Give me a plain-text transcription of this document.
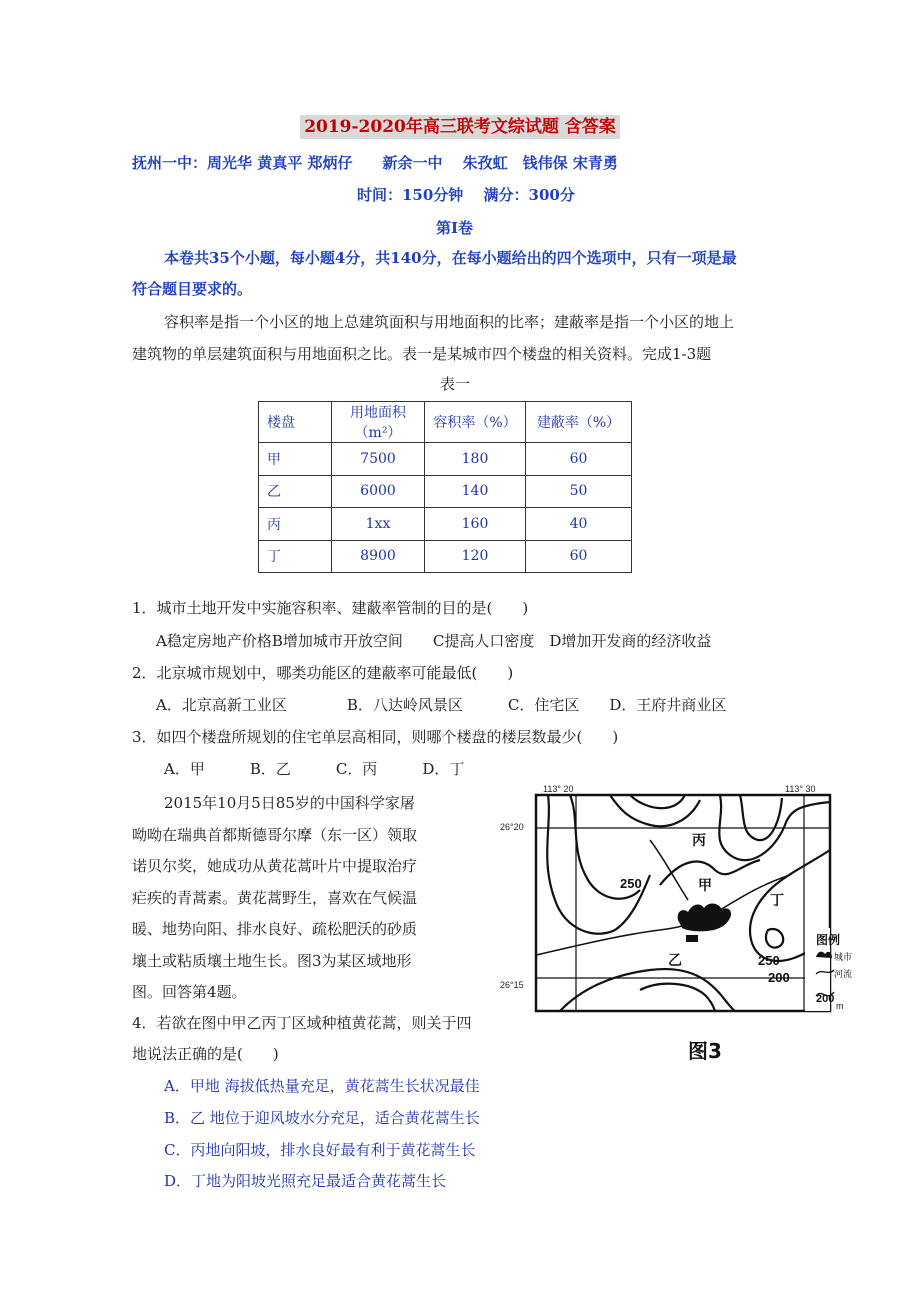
2019-2020年高三联考文综试题 含答案
抚州一中：周光华 黄真平 郑炳仔　　新余一中　 朱孜虹　钱伟保 宋青勇
时间：150分钟　 满分：300分
第Ⅰ卷
本卷共35个小题，每小题4分，共140分，在每小题给出的四个选项中，只有一项是最
符合题目要求的。
容积率是指一个小区的地上总建筑面积与用地面积的比率；建蔽率是指一个小区的地上
建筑物的单层建筑面积与用地面积之比。表一是某城市四个楼盘的相关资料。完成1-3题
表一
楼盘	用地面积（m²）	容积率（%）	建蔽率（%）
甲	7500	180	60
乙	6000	140	50
丙	1xx	160	40
丁	8900	120	60
1．城市土地开发中实施容积率、建蔽率管制的目的是(　　)
A稳定房地产价格B增加城市开放空间　　C提高人口密度　D增加开发商的经济收益
2．北京城市规划中，哪类功能区的建蔽率可能最低(　　)
A．北京高新工业区　　　　B．八达岭风景区　　　C．住宅区　　D．王府井商业区
3．如四个楼盘所规划的住宅单层高相同，则哪个楼盘的楼层数最少(　　)
A．甲　　　B．乙　　　C．丙　　　D．丁
2015年10月5日85岁的中国科学家屠
呦呦在瑞典首都斯德哥尔摩（东一区）领取
诺贝尔奖，她成功从黄花蒿叶片中提取治疗
疟疾的青蒿素。黄花蒿野生，喜欢在气候温
暖、地势向阳、排水良好、疏松肥沃的砂质
壤土或粘质壤土地生长。图3为某区域地形
图。回答第4题。
4．若欲在图中甲乙丙丁区域种植黄花蒿，则关于四
地说法正确的是(　　)
A．甲地 海拔低热量充足，黄花蒿生长状况最佳
B．乙 地位于迎风坡水分充足，适合黄花蒿生长
C．丙地向阳坡，排水良好最有利于黄花蒿生长
D．丁地为阳坡光照充足最适合黄花蒿生长
113° 20	113° 30
26°20
26°15
丙
甲
乙
丁
250
250
200
图例
城市
河流
200
m
图3
